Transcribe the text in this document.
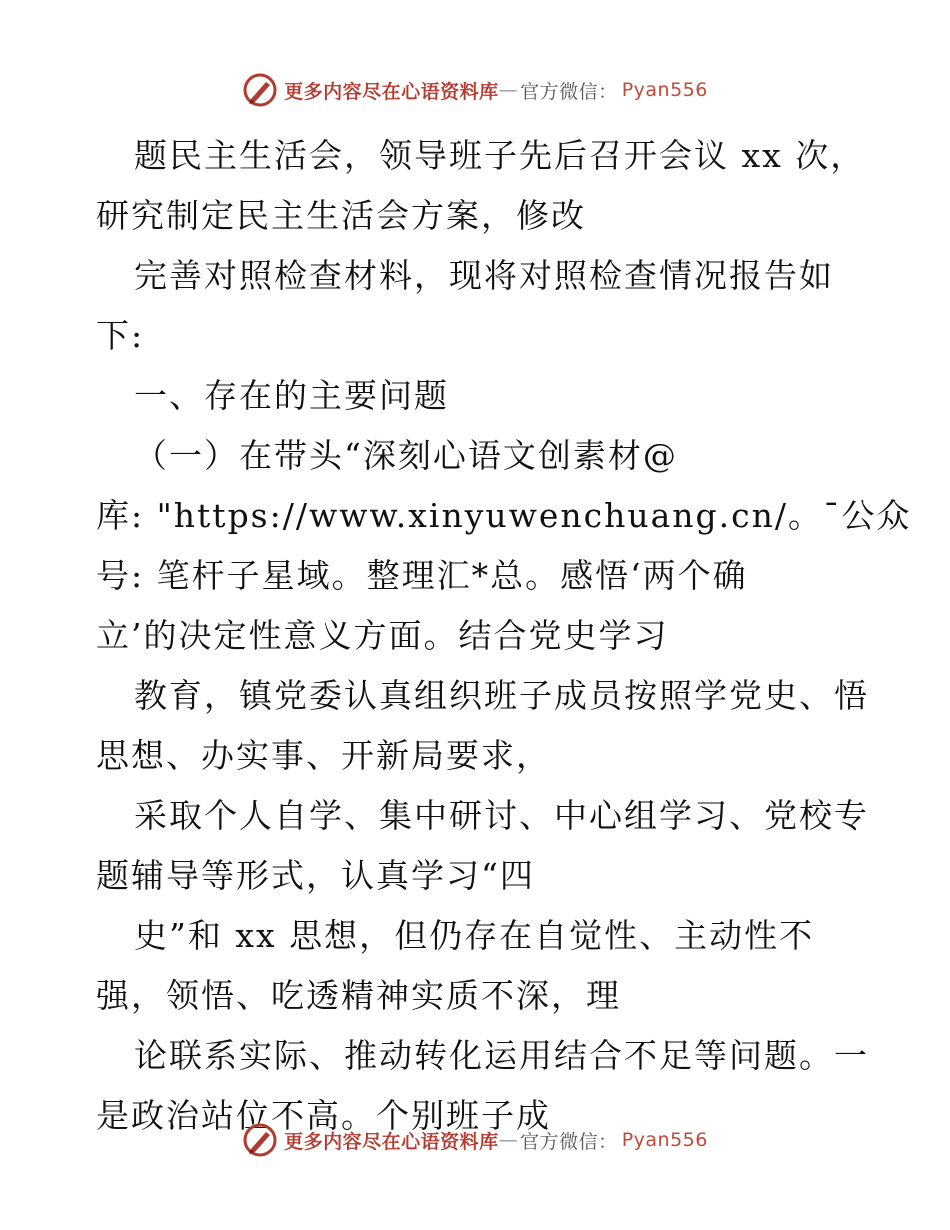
更多内容尽在心语资料库 — 官方微信： Pyan556
题民主生活会，领导班子先后召开会议 xx 次，
研究制定民主生活会方案，修改
完善对照检查材料，现将对照检查情况报告如
下:
一、存在的主要问题
（一）在带头“深刻心语文创素材@
库: "https://www.xinyuwenchuang.cn/。¯公众
号: 笔杆子星域。整理汇*总。感悟‘两个确
立’的决定性意义方面。结合党史学习
教育，镇党委认真组织班子成员按照学党史、悟
思想、办实事、开新局要求，
采取个人自学、集中研讨、中心组学习、党校专
题辅导等形式，认真学习“四
史”和 xx 思想，但仍存在自觉性、主动性不
强，领悟、吃透精神实质不深，理
论联系实际、推动转化运用结合不足等问题。一
是政治站位不高。个别班子成
更多内容尽在心语资料库 — 官方微信： Pyan556
